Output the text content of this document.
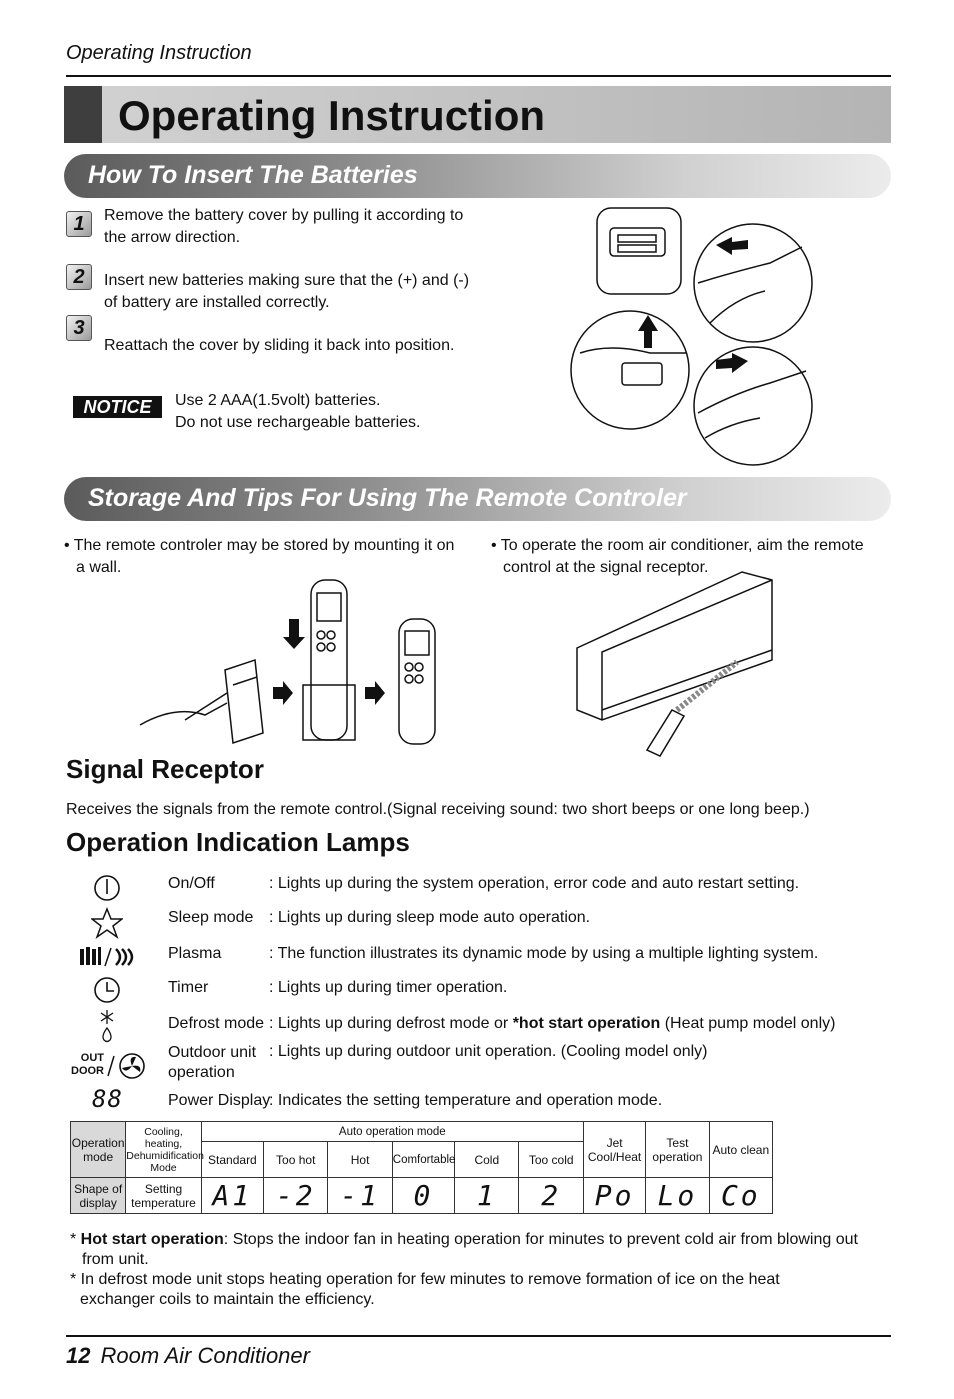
Operating Instruction
Operating Instruction
How To Insert The Batteries
1	Remove the battery cover by pulling it according to
the arrow direction.
2	Insert new batteries making sure that the (+) and (-)
of battery are installed correctly.
3
Reattach the cover by sliding it back into position.
NOTICE	Use 2 AAA(1.5volt) batteries.
Do not use rechargeable batteries.
Storage And Tips For Using The Remote Controler
• The remote controler may be stored by mounting it on
a wall.
• To operate the room air conditioner, aim the remote
control at the signal receptor.
Signal Receptor
Receives the signals from the remote control.(Signal receiving sound: two short beeps or one long beep.)
Operation Indication Lamps
On/Off	: Lights up during the system operation, error code and auto restart setting.
Sleep mode : Lights up during sleep mode auto operation.
Plasma	: The function illustrates its dynamic mode by using a multiple lighting system.
Timer	: Lights up during timer operation.
Defrost mode : Lights up during defrost mode or *hot start operation (Heat pump model only)
OUT
DOOR
Outdoor unit
operation
: Lights up during outdoor unit operation. (Cooling model only)
88	Power Display
: Indicates the setting temperature and operation mode.
Operation mode	Cooling, heating, Dehumidification Mode	Auto operation mode						Jet Cool/Heat	Test operation	Auto clean
		Standard	Too hot	Hot	Comfortable	Cold	Too cold			
Shape of display	Setting temperature	A1	-2	-1	0	1	2	Po	Lo	Co
* Hot start operation: Stops the indoor fan in heating operation for minutes to prevent cold air from blowing out
from unit.
* In defrost mode unit stops heating operation for few minutes to remove formation of ice on the heat
exchanger coils to maintain the efficiency.
12 Room Air Conditioner
